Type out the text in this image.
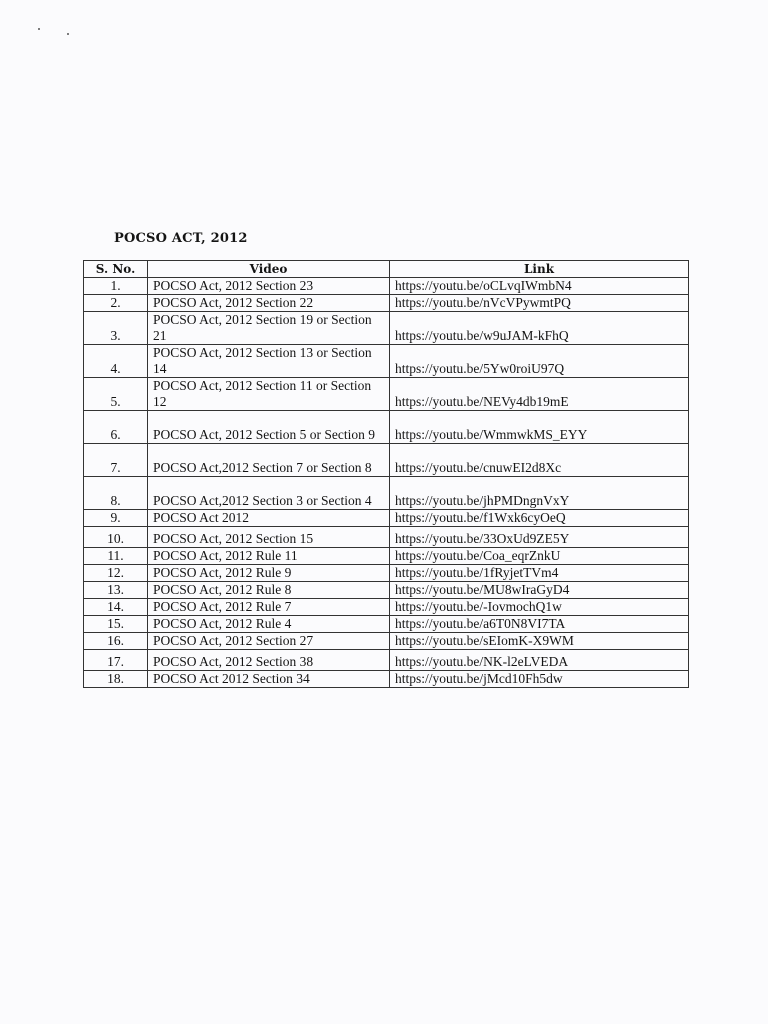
POCSO ACT, 2012
S. No.	Video	Link
1.	POCSO Act, 2012 Section 23	https://youtu.be/oCLvqIWmbN4
2.	POCSO Act, 2012 Section 22	https://youtu.be/nVcVPywmtPQ
3.	POCSO Act, 2012 Section 19 or Section 21	https://youtu.be/w9uJAM-kFhQ
4.	POCSO Act, 2012 Section 13 or Section 14	https://youtu.be/5Yw0roiU97Q
5.	POCSO Act, 2012 Section 11 or Section 12	https://youtu.be/NEVy4db19mE
6.	POCSO Act, 2012 Section 5 or Section 9	https://youtu.be/WmmwkMS_EYY
7.	POCSO Act,2012 Section 7 or Section 8	https://youtu.be/cnuwEI2d8Xc
8.	POCSO Act,2012 Section 3 or Section 4	https://youtu.be/jhPMDngnVxY
9.	POCSO Act 2012	https://youtu.be/f1Wxk6cyOeQ
10.	POCSO Act, 2012 Section 15	https://youtu.be/33OxUd9ZE5Y
11.	POCSO Act, 2012 Rule 11	https://youtu.be/Coa_eqrZnkU
12.	POCSO Act, 2012 Rule 9	https://youtu.be/1fRyjetTVm4
13.	POCSO Act, 2012 Rule 8	https://youtu.be/MU8wIraGyD4
14.	POCSO Act, 2012 Rule 7	https://youtu.be/-IovmochQ1w
15.	POCSO Act, 2012 Rule 4	https://youtu.be/a6T0N8VI7TA
16.	POCSO Act, 2012 Section 27	https://youtu.be/sEIomK-X9WM
17.	POCSO Act, 2012 Section 38	https://youtu.be/NK-l2eLVEDA
18.	POCSO Act 2012 Section 34	https://youtu.be/jMcd10Fh5dw
